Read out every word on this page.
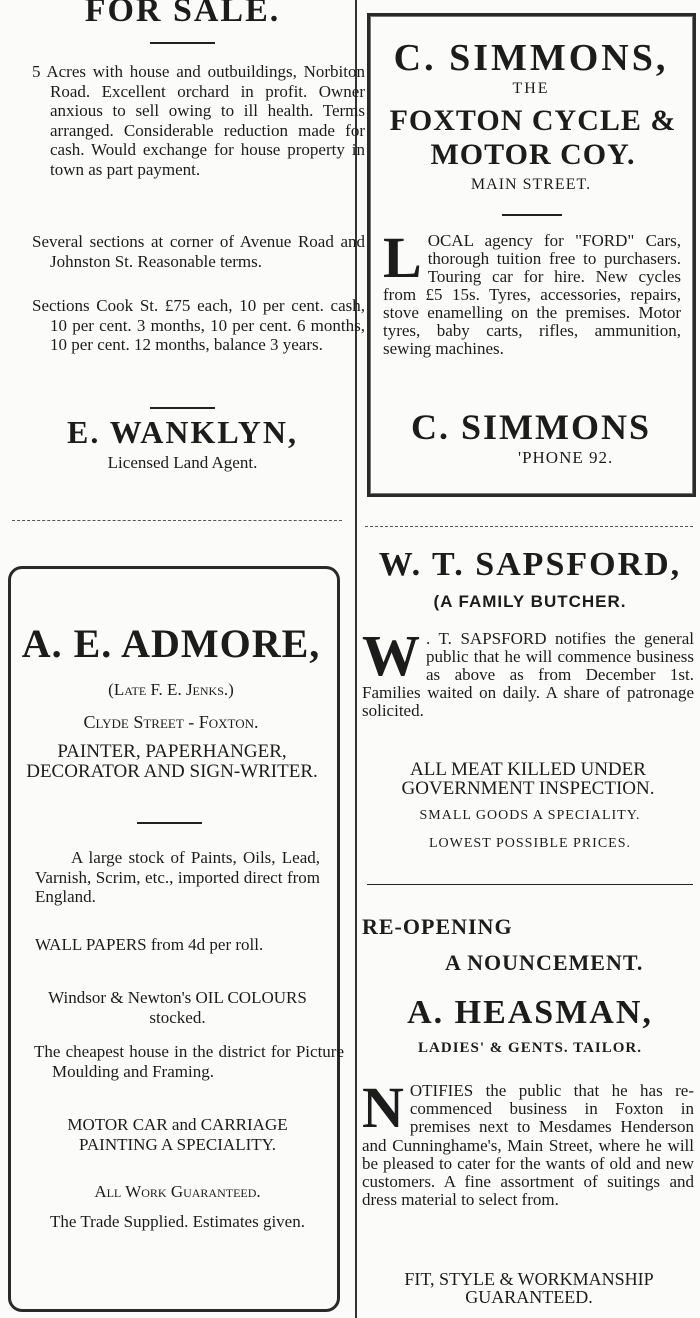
FOR SALE.
5 Acres with house and outbuildings, Norbiton Road. Excellent orchard in profit. Owner anxious to sell owing to ill health. Terms arranged. Considerable reduction made for cash. Would exchange for house property in town as part payment.
Several sections at corner of Avenue Road and Johnston St. Reasonable terms.
Sections Cook St. £75 each, 10 per cent. cash, 10 per cent. 3 months, 10 per cent. 6 months, 10 per cent. 12 months, balance 3 years.
E. WANKLYN,
Licensed Land Agent.
C. SIMMONS,
THE
FOXTON CYCLE & MOTOR COY.
MAIN STREET.
LOCAL agency for "FORD" Cars, thorough tuition free to purchasers. Touring car for hire. New cycles from £5 15s. Tyres, accessories, repairs, stove enamelling on the premises. Motor tyres, baby carts, rifles, ammunition, sewing machines.
C. SIMMONS
'PHONE 92.
A. E. ADMORE,
(Late F. E. Jenks.)
Clyde Street - Foxton.
PAINTER, PAPERHANGER, DECORATOR AND SIGN-WRITER.
A large stock of Paints, Oils, Lead, Varnish, Scrim, etc., imported direct from England.
WALL PAPERS from 4d per roll.
Windsor & Newton's OIL COLOURS stocked.
The cheapest house in the district for Picture Moulding and Framing.
MOTOR CAR and CARRIAGE PAINTING A SPECIALITY.
All Work Guaranteed.
The Trade Supplied. Estimates given.
W. T. SAPSFORD,
(A FAMILY BUTCHER.
W . T. SAPSFORD notifies the general public that he will commence business as above as from December 1st. Families waited on daily. A share of patronage solicited.
ALL MEAT KILLED UNDER GOVERNMENT INSPECTION.
SMALL GOODS A SPECIALITY.
LOWEST POSSIBLE PRICES.
RE-OPENING
A NOUNCEMENT.
A. HEASMAN,
LADIES' & GENTS. TAILOR.
NOTIFIES the public that he has re-commenced business in Foxton in premises next to Mesdames Henderson and Cunninghame's, Main Street, where he will be pleased to cater for the wants of old and new customers. A fine assortment of suitings and dress material to select from.
FIT, STYLE & WORKMANSHIP GUARANTEED.
